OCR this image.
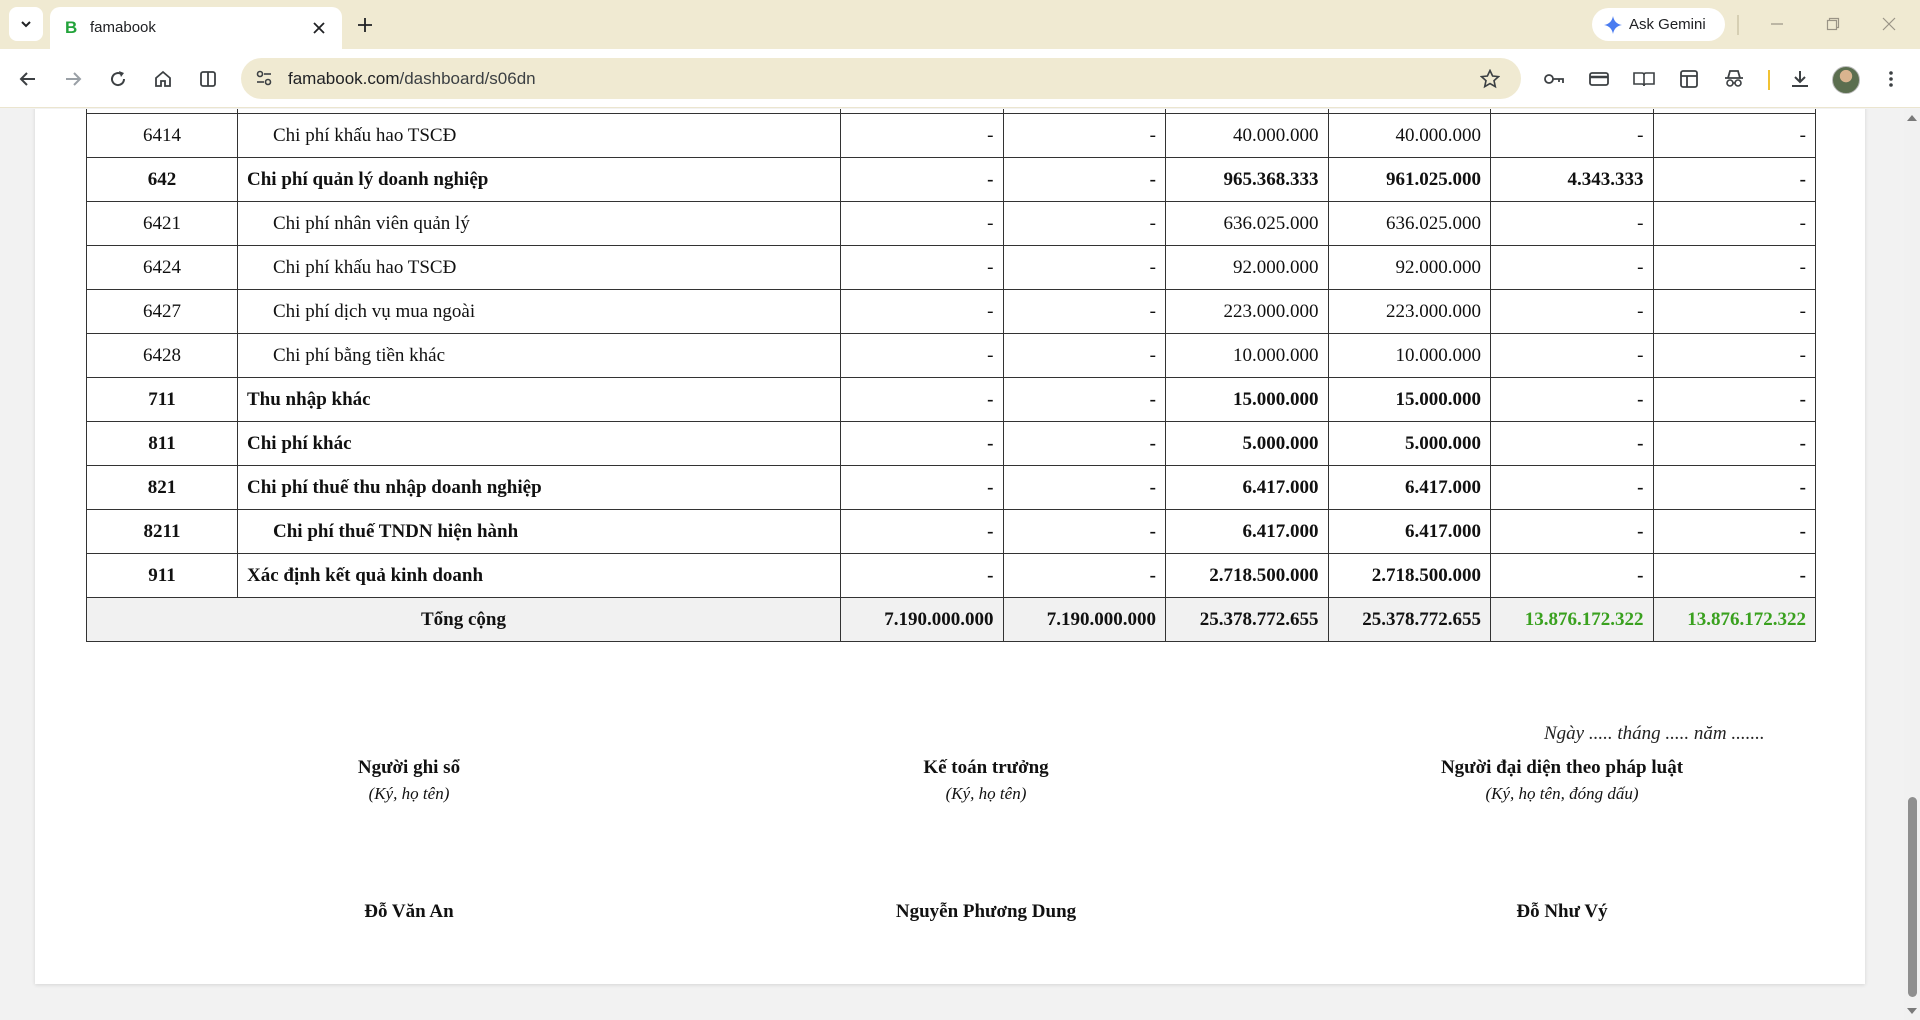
B famabook	Ask Gemini
famabook.com/dashboard/s06dn

6414	Chi phí khấu hao TSCĐ	-	-	40.000.000	40.000.000	-	-
642	Chi phí quản lý doanh nghiệp	-	-	965.368.333	961.025.000	4.343.333	-
6421	Chi phí nhân viên quản lý	-	-	636.025.000	636.025.000	-	-
6424	Chi phí khấu hao TSCĐ	-	-	92.000.000	92.000.000	-	-
6427	Chi phí dịch vụ mua ngoài	-	-	223.000.000	223.000.000	-	-
6428	Chi phí bằng tiền khác	-	-	10.000.000	10.000.000	-	-
711	Thu nhập khác	-	-	15.000.000	15.000.000	-	-
811	Chi phí khác	-	-	5.000.000	5.000.000	-	-
821	Chi phí thuế thu nhập doanh nghiệp	-	-	6.417.000	6.417.000	-	-
8211	Chi phí thuế TNDN hiện hành	-	-	6.417.000	6.417.000	-	-
911	Xác định kết quả kinh doanh	-	-	2.718.500.000	2.718.500.000	-	-
Tổng cộng		7.190.000.000	7.190.000.000	25.378.772.655	25.378.772.655	13.876.172.322	13.876.172.322
Ngày ..... tháng ..... năm .......
Người ghi sổ
(Ký, họ tên)
Kế toán trưởng
(Ký, họ tên)
Người đại diện theo pháp luật
(Ký, họ tên, đóng dấu)
Đỗ Văn An	Nguyễn Phương Dung	Đỗ Như Vý
